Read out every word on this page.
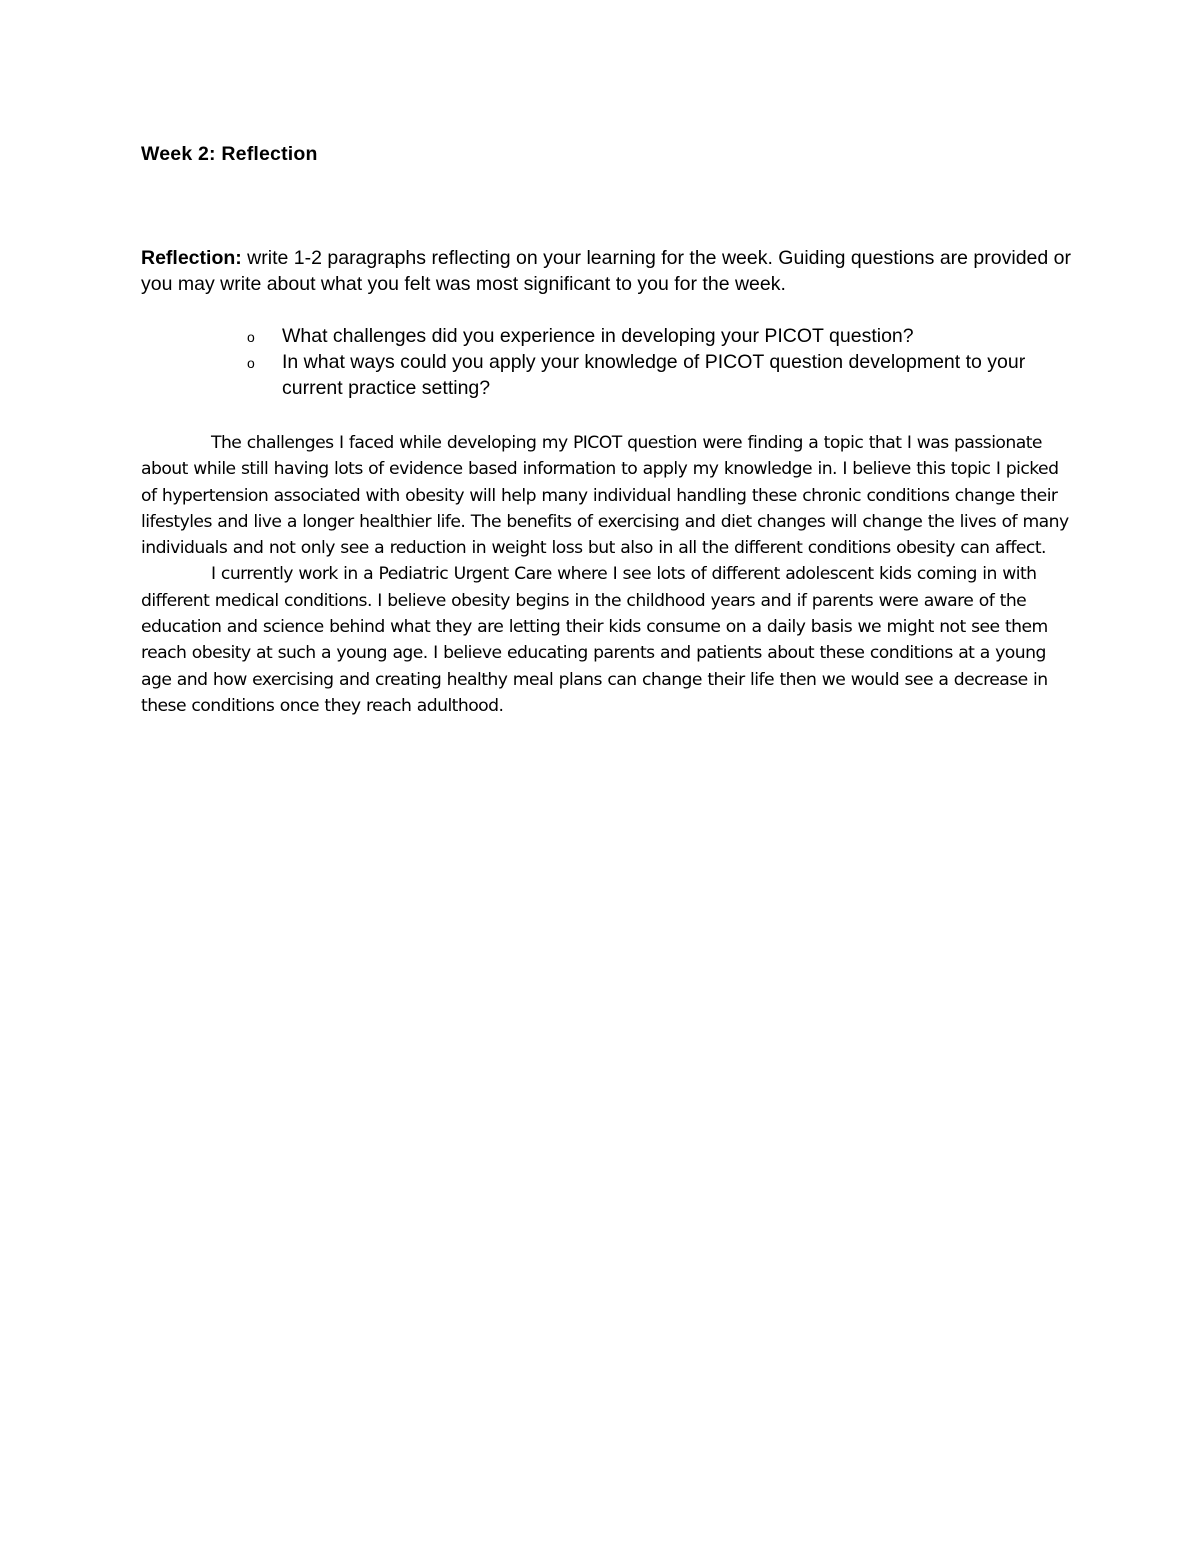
Week 2: Reflection

Reflection: write 1-2 paragraphs reflecting on your learning for the week. Guiding questions are provided or you may write about what you felt was most significant to you for the week.

o What challenges did you experience in developing your PICOT question?
o In what ways could you apply your knowledge of PICOT question development to your current practice setting?

The challenges I faced while developing my PICOT question were finding a topic that I was passionate about while still having lots of evidence based information to apply my knowledge in. I believe this topic I picked of hypertension associated with obesity will help many individual handling these chronic conditions change their lifestyles and live a longer healthier life. The benefits of exercising and diet changes will change the lives of many individuals and not only see a reduction in weight loss but also in all the different conditions obesity can affect.

I currently work in a Pediatric Urgent Care where I see lots of different adolescent kids coming in with different medical conditions. I believe obesity begins in the childhood years and if parents were aware of the education and science behind what they are letting their kids consume on a daily basis we might not see them reach obesity at such a young age. I believe educating parents and patients about these conditions at a young age and how exercising and creating healthy meal plans can change their life then we would see a decrease in these conditions once they reach adulthood.
